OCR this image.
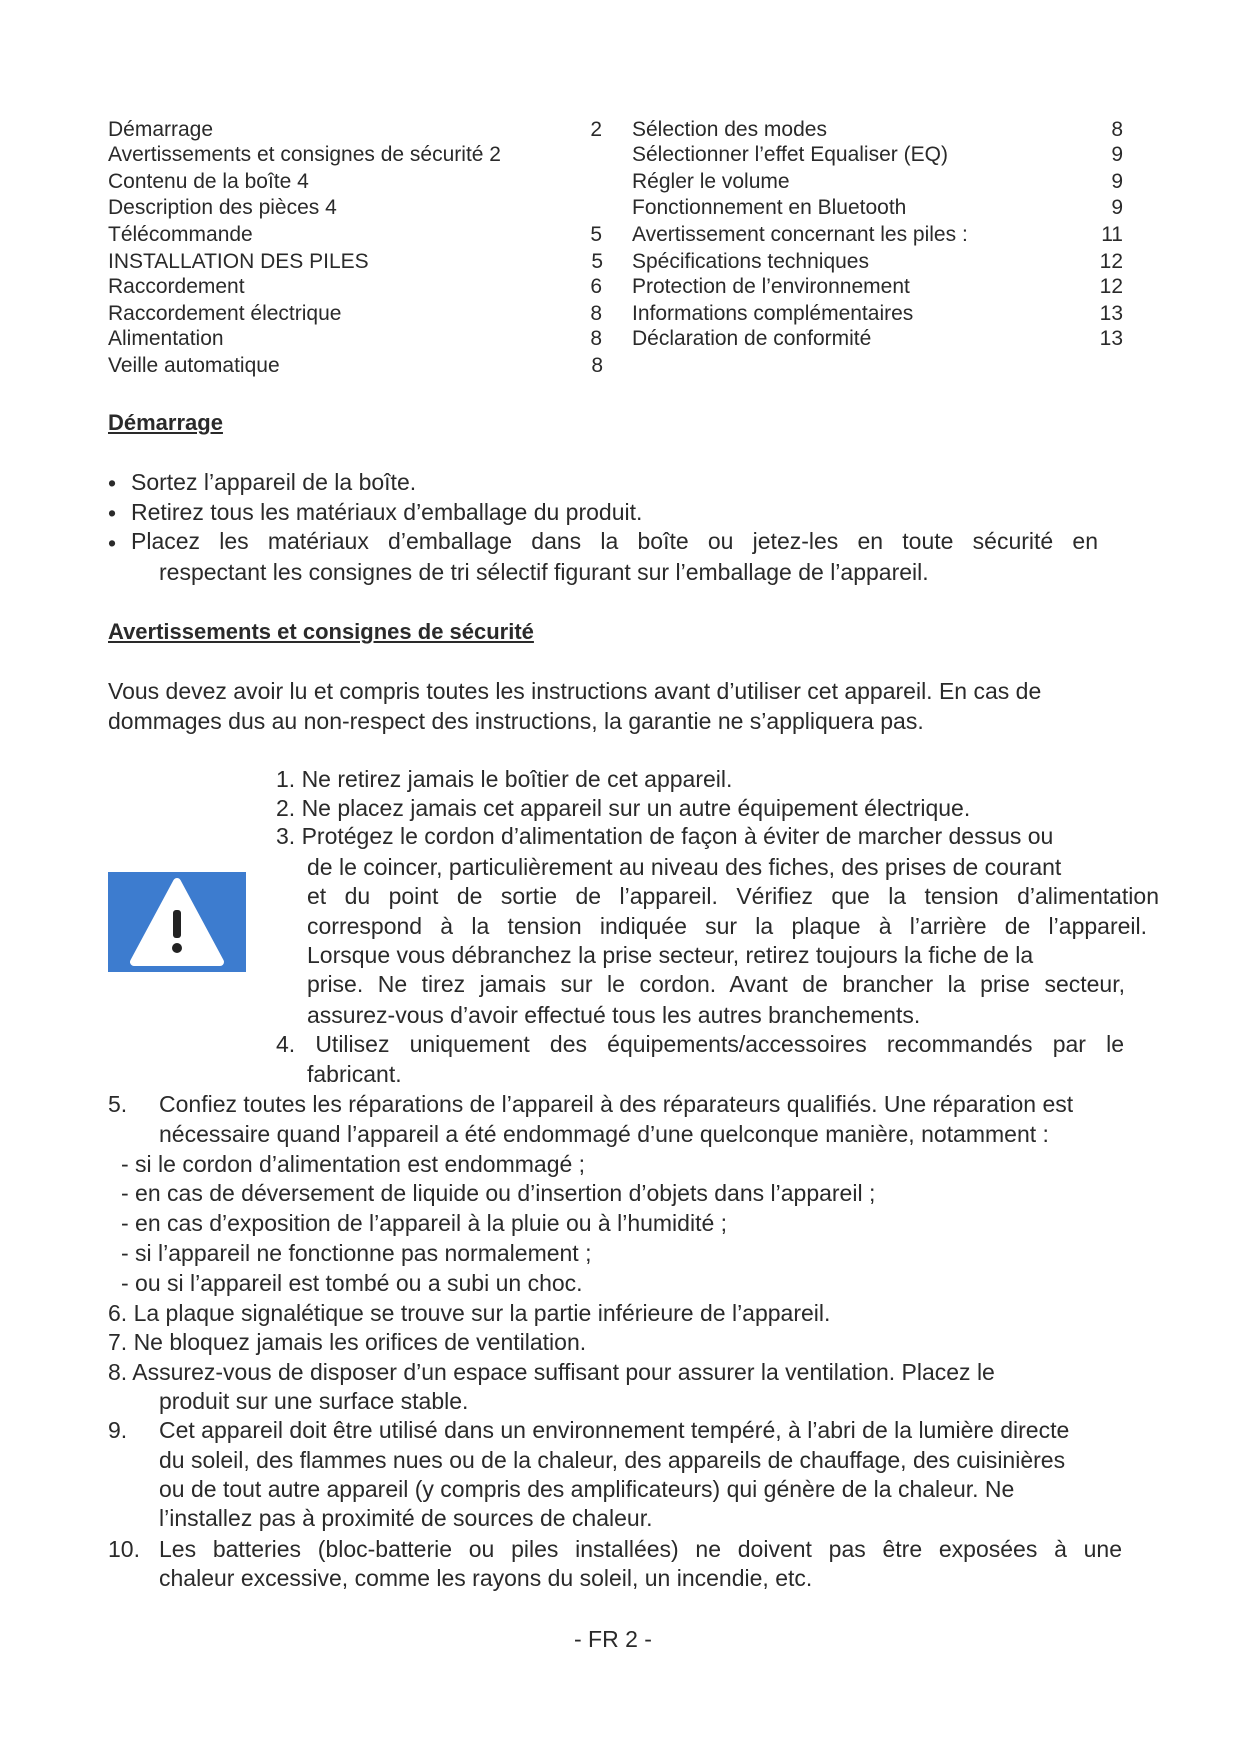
Démarrage	2
Avertissements et consignes de sécurité 2
Contenu de la boîte 4
Description des pièces 4
Télécommande	5
INSTALLATION DES PILES	5
Raccordement	6
Raccordement électrique	8
Alimentation	8
Veille automatique	8
Sélection des modes	8
Sélectionner l’effet Equaliser (EQ)	9
Régler le volume	9
Fonctionnement en Bluetooth	9
Avertissement concernant les piles :	11
Spécifications techniques	12
Protection de l’environnement	12
Informations complémentaires	13
Déclaration de conformité	13
Démarrage
• Sortez l’appareil de la boîte.
• Retirez tous les matériaux d’emballage du produit.
• Placez les matériaux d’emballage dans la boîte ou jetez-les en toute sécurité en
respectant les consignes de tri sélectif figurant sur l’emballage de l’appareil.
Avertissements et consignes de sécurité
Vous devez avoir lu et compris toutes les instructions avant d’utiliser cet appareil. En cas de
dommages dus au non-respect des instructions, la garantie ne s’appliquera pas.
1. Ne retirez jamais le boîtier de cet appareil.
2. Ne placez jamais cet appareil sur un autre équipement électrique.
3. Protégez le cordon d’alimentation de façon à éviter de marcher dessus ou
de le coincer, particulièrement au niveau des fiches, des prises de courant
et du point de sortie de l’appareil. Vérifiez que la tension d’alimentation
correspond à la tension indiquée sur la plaque à l’arrière de l’appareil.
Lorsque vous débranchez la prise secteur, retirez toujours la fiche de la
prise. Ne tirez jamais sur le cordon. Avant de brancher la prise secteur,
assurez-vous d’avoir effectué tous les autres branchements.
4. Utilisez uniquement des équipements/accessoires recommandés par le
fabricant.
5. Confiez toutes les réparations de l’appareil à des réparateurs qualifiés. Une réparation est
nécessaire quand l’appareil a été endommagé d’une quelconque manière, notamment :
- si le cordon d’alimentation est endommagé ;
- en cas de déversement de liquide ou d’insertion d’objets dans l’appareil ;
- en cas d’exposition de l’appareil à la pluie ou à l’humidité ;
- si l’appareil ne fonctionne pas normalement ;
- ou si l’appareil est tombé ou a subi un choc.
6. La plaque signalétique se trouve sur la partie inférieure de l’appareil.
7. Ne bloquez jamais les orifices de ventilation.
8. Assurez-vous de disposer d’un espace suffisant pour assurer la ventilation. Placez le
produit sur une surface stable.
9. Cet appareil doit être utilisé dans un environnement tempéré, à l’abri de la lumière directe
du soleil, des flammes nues ou de la chaleur, des appareils de chauffage, des cuisinières
ou de tout autre appareil (y compris des amplificateurs) qui génère de la chaleur. Ne
l’installez pas à proximité de sources de chaleur.
10. Les batteries (bloc-batterie ou piles installées) ne doivent pas être exposées à une
chaleur excessive, comme les rayons du soleil, un incendie, etc.
- FR 2 -
